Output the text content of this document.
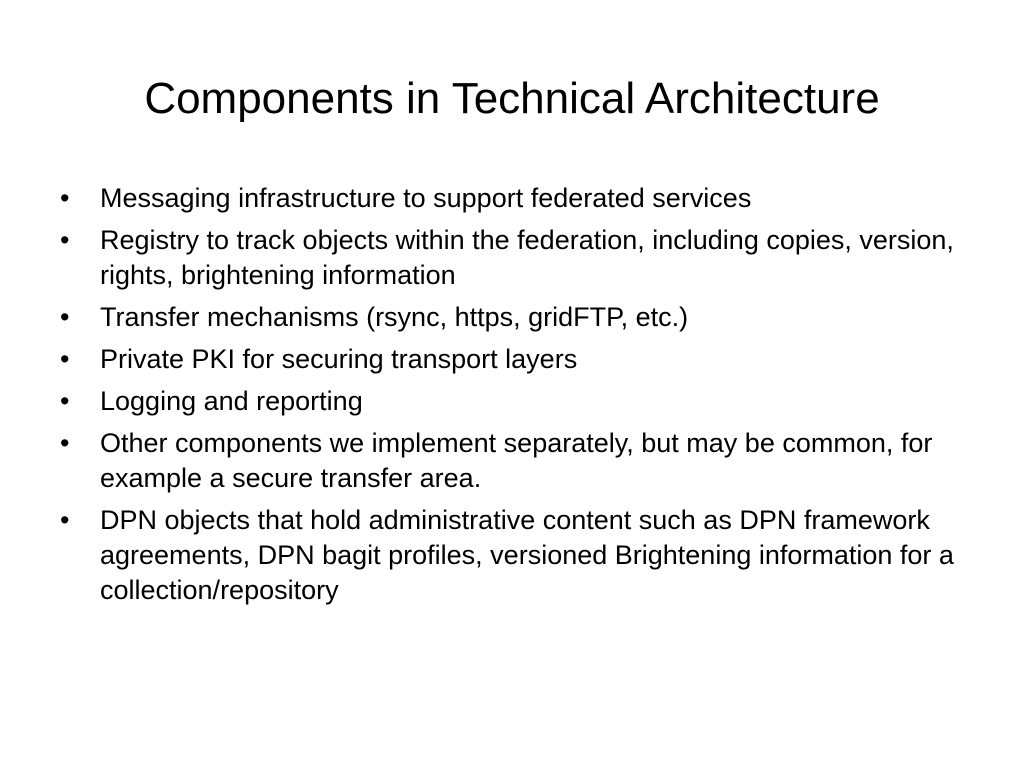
Components in Technical Architecture
•	Messaging infrastructure to support federated services
•	Registry to track objects within the federation, including copies, version, rights, brightening information
•	Transfer mechanisms (rsync, https, gridFTP, etc.)
•	Private PKI for securing transport layers
•	Logging and reporting
•	Other components we implement separately, but may be common, for example a secure transfer area.
•	DPN objects that hold administrative content such as DPN framework agreements, DPN bagit profiles, versioned Brightening information for a collection/repository
